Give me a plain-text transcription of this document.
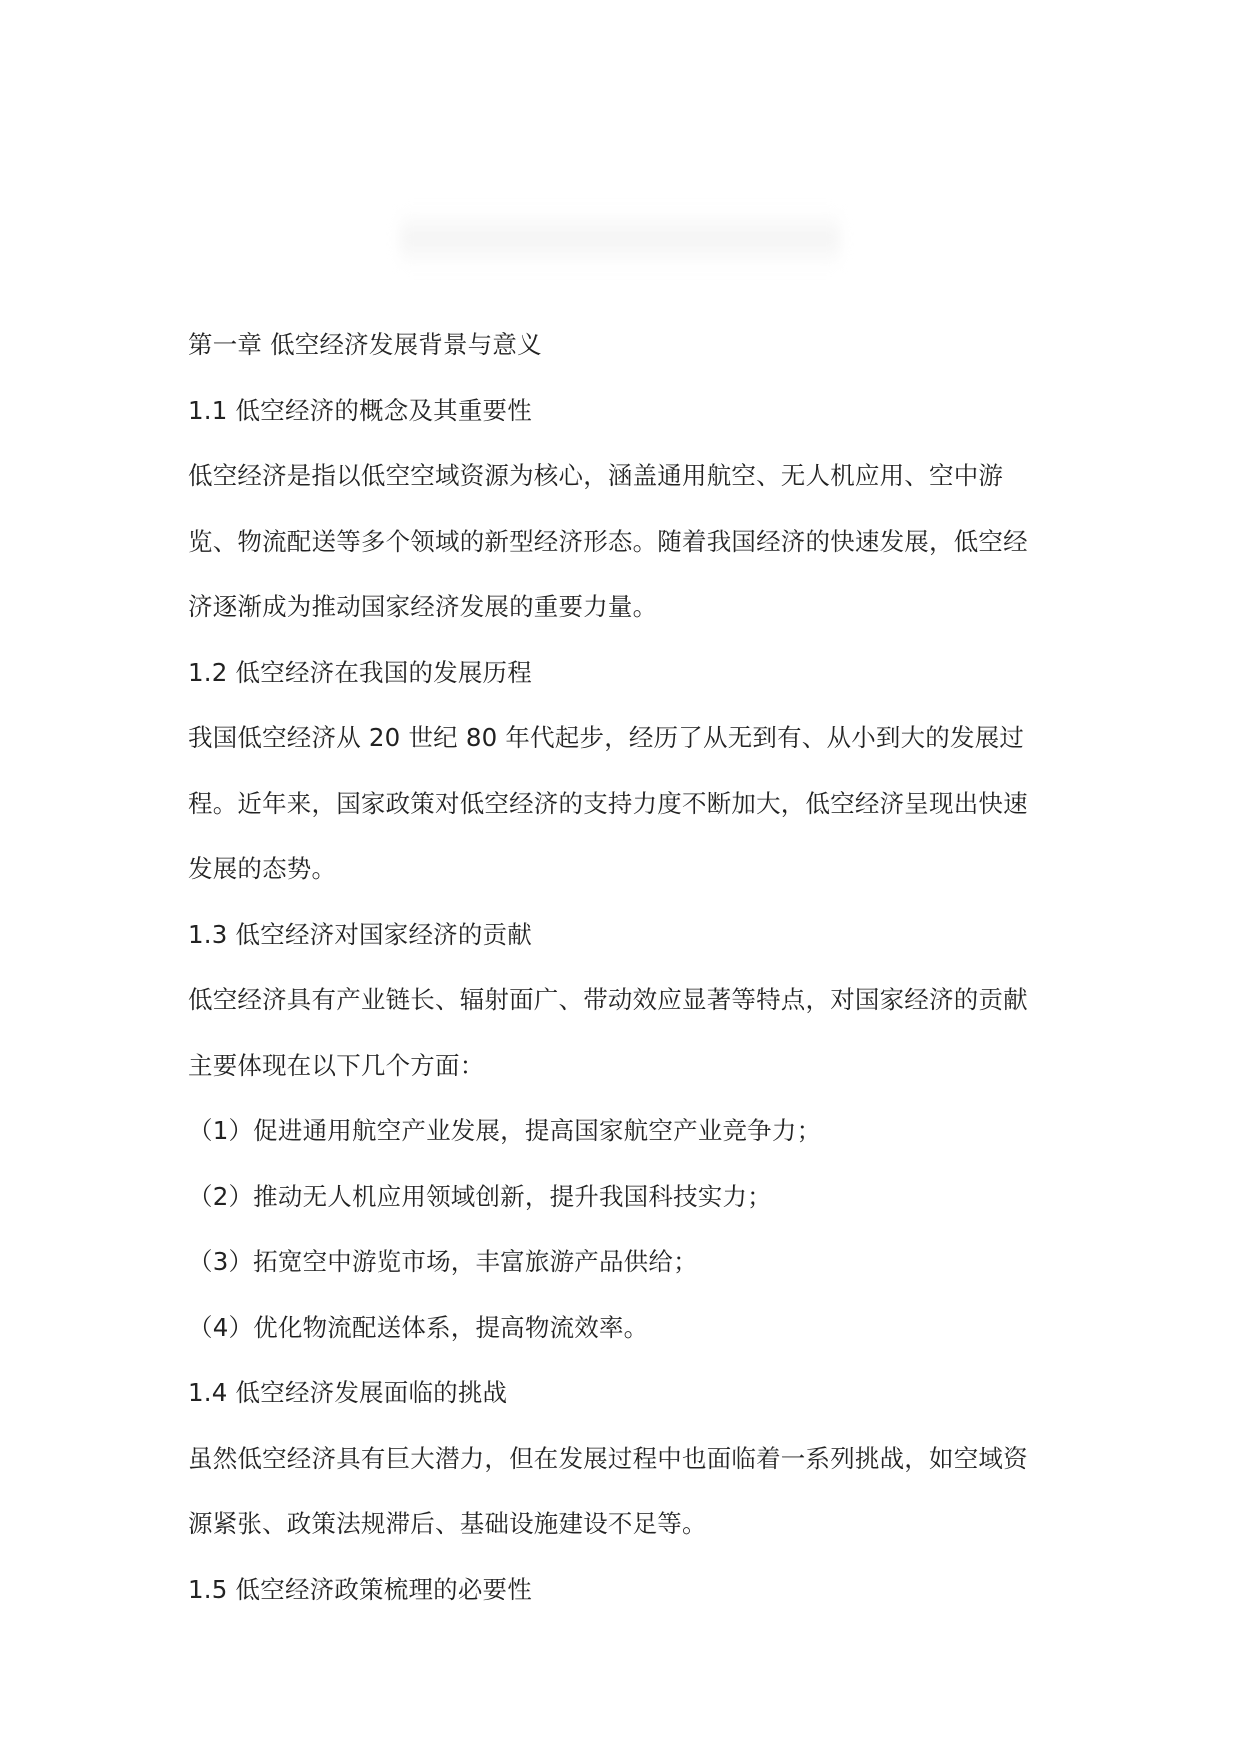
第一章 低空经济发展背景与意义
1.1 低空经济的概念及其重要性
低空经济是指以低空空域资源为核心，涵盖通用航空、无人机应用、空中游
览、物流配送等多个领域的新型经济形态。随着我国经济的快速发展，低空经
济逐渐成为推动国家经济发展的重要力量。
1.2 低空经济在我国的发展历程
我国低空经济从 20 世纪 80 年代起步，经历了从无到有、从小到大的发展过
程。近年来，国家政策对低空经济的支持力度不断加大，低空经济呈现出快速
发展的态势。
1.3 低空经济对国家经济的贡献
低空经济具有产业链长、辐射面广、带动效应显著等特点，对国家经济的贡献
主要体现在以下几个方面：
（1）促进通用航空产业发展，提高国家航空产业竞争力；
（2）推动无人机应用领域创新，提升我国科技实力；
（3）拓宽空中游览市场，丰富旅游产品供给；
（4）优化物流配送体系，提高物流效率。
1.4 低空经济发展面临的挑战
虽然低空经济具有巨大潜力，但在发展过程中也面临着一系列挑战，如空域资
源紧张、政策法规滞后、基础设施建设不足等。
1.5 低空经济政策梳理的必要性
